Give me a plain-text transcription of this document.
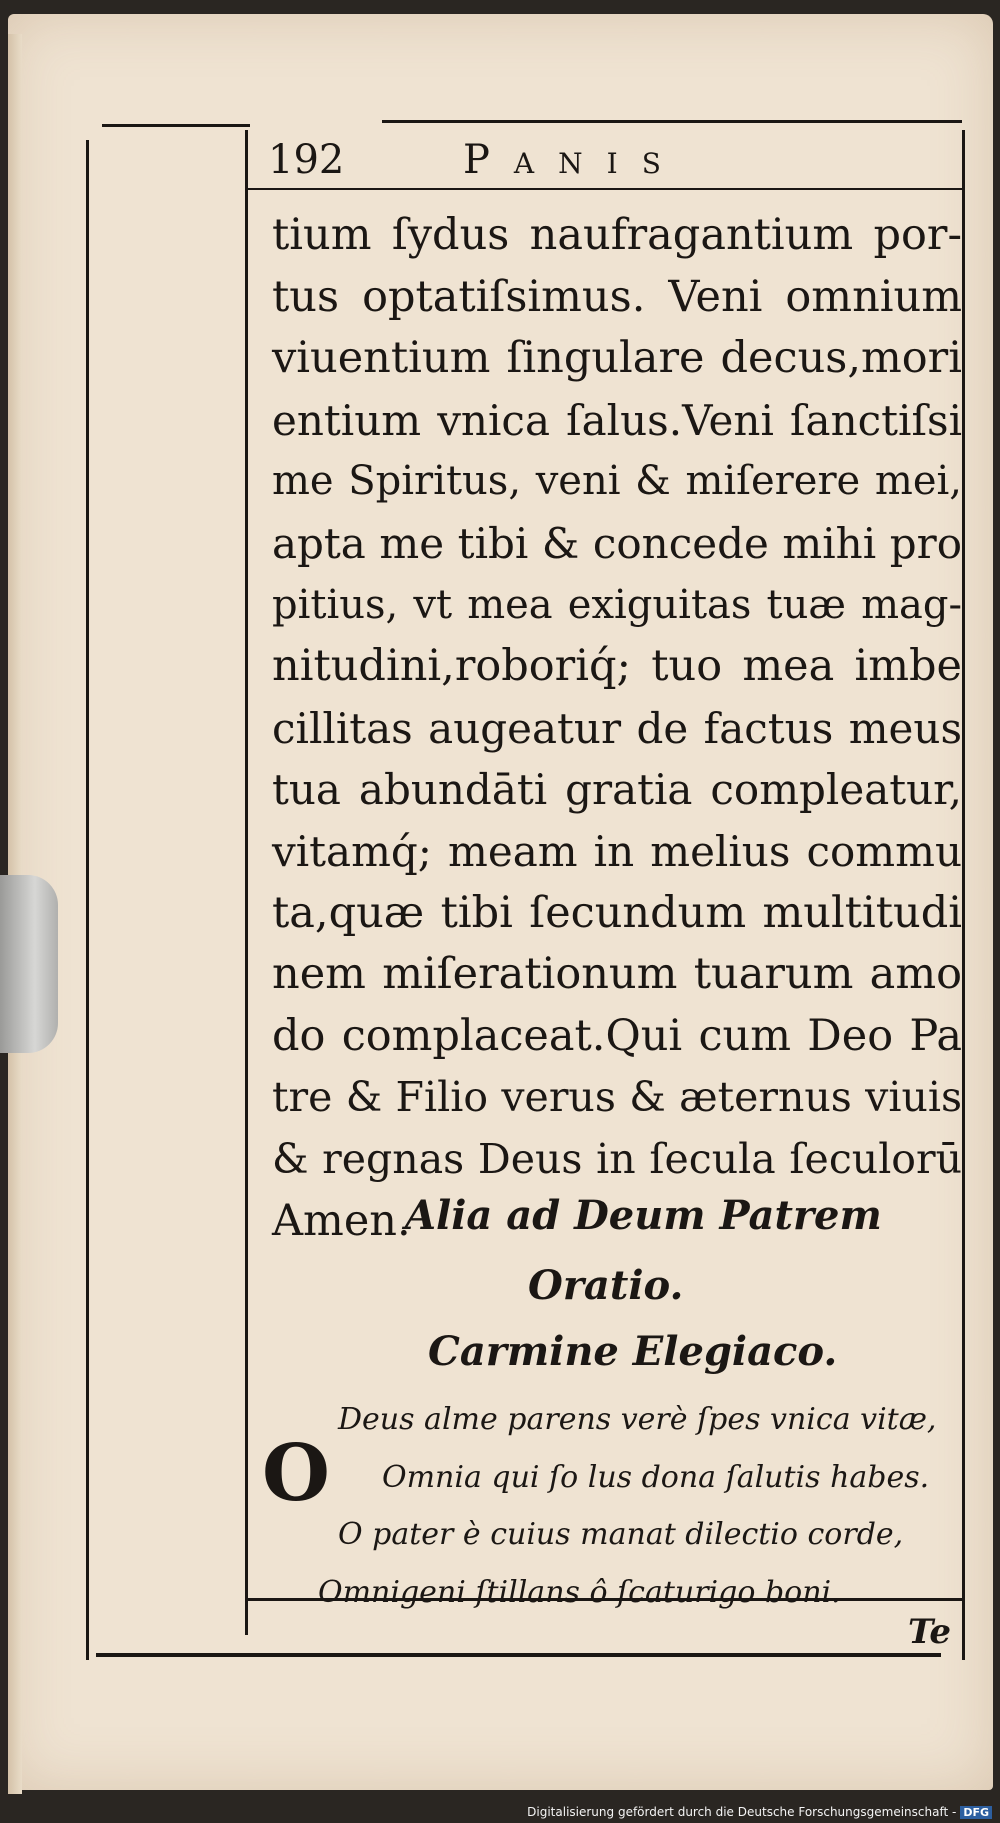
192	Panis
tium ſydus naufragantium por-
tus optatiſsimus. Veni omnium
viuentium ſingulare decus,mori
entium vnica ſalus.Veni ſanctiſsi
me Spiritus, veni & miſerere mei,
apta me tibi & concede mihi pro
pitius, vt mea exiguitas tuæ mag-
nitudini,roboriq́; tuo mea imbe
cillitas augeatur de factus meus
tua abundāti gratia compleatur,
vitamq́; meam in melius commu
ta,quæ tibi ſecundum multitudi
nem miſerationum tuarum amo
do complaceat.Qui cum Deo Pa
tre & Filio verus & æternus viuis
& regnas Deus in ſecula ſeculorū
Amen.
Alia ad Deum Patrem
Oratio.
Carmine Elegiaco.
O
Deus alme parens verè ſpes vnica vitæ,
Omnia qui ſo lus dona ſalutis habes.
O pater è cuius manat dilectio corde,
Omnigeni ſtillans ô ſcaturigo boni.
Te
Digitalisierung gefördert durch die Deutsche Forschungsgemeinschaft - DFG
